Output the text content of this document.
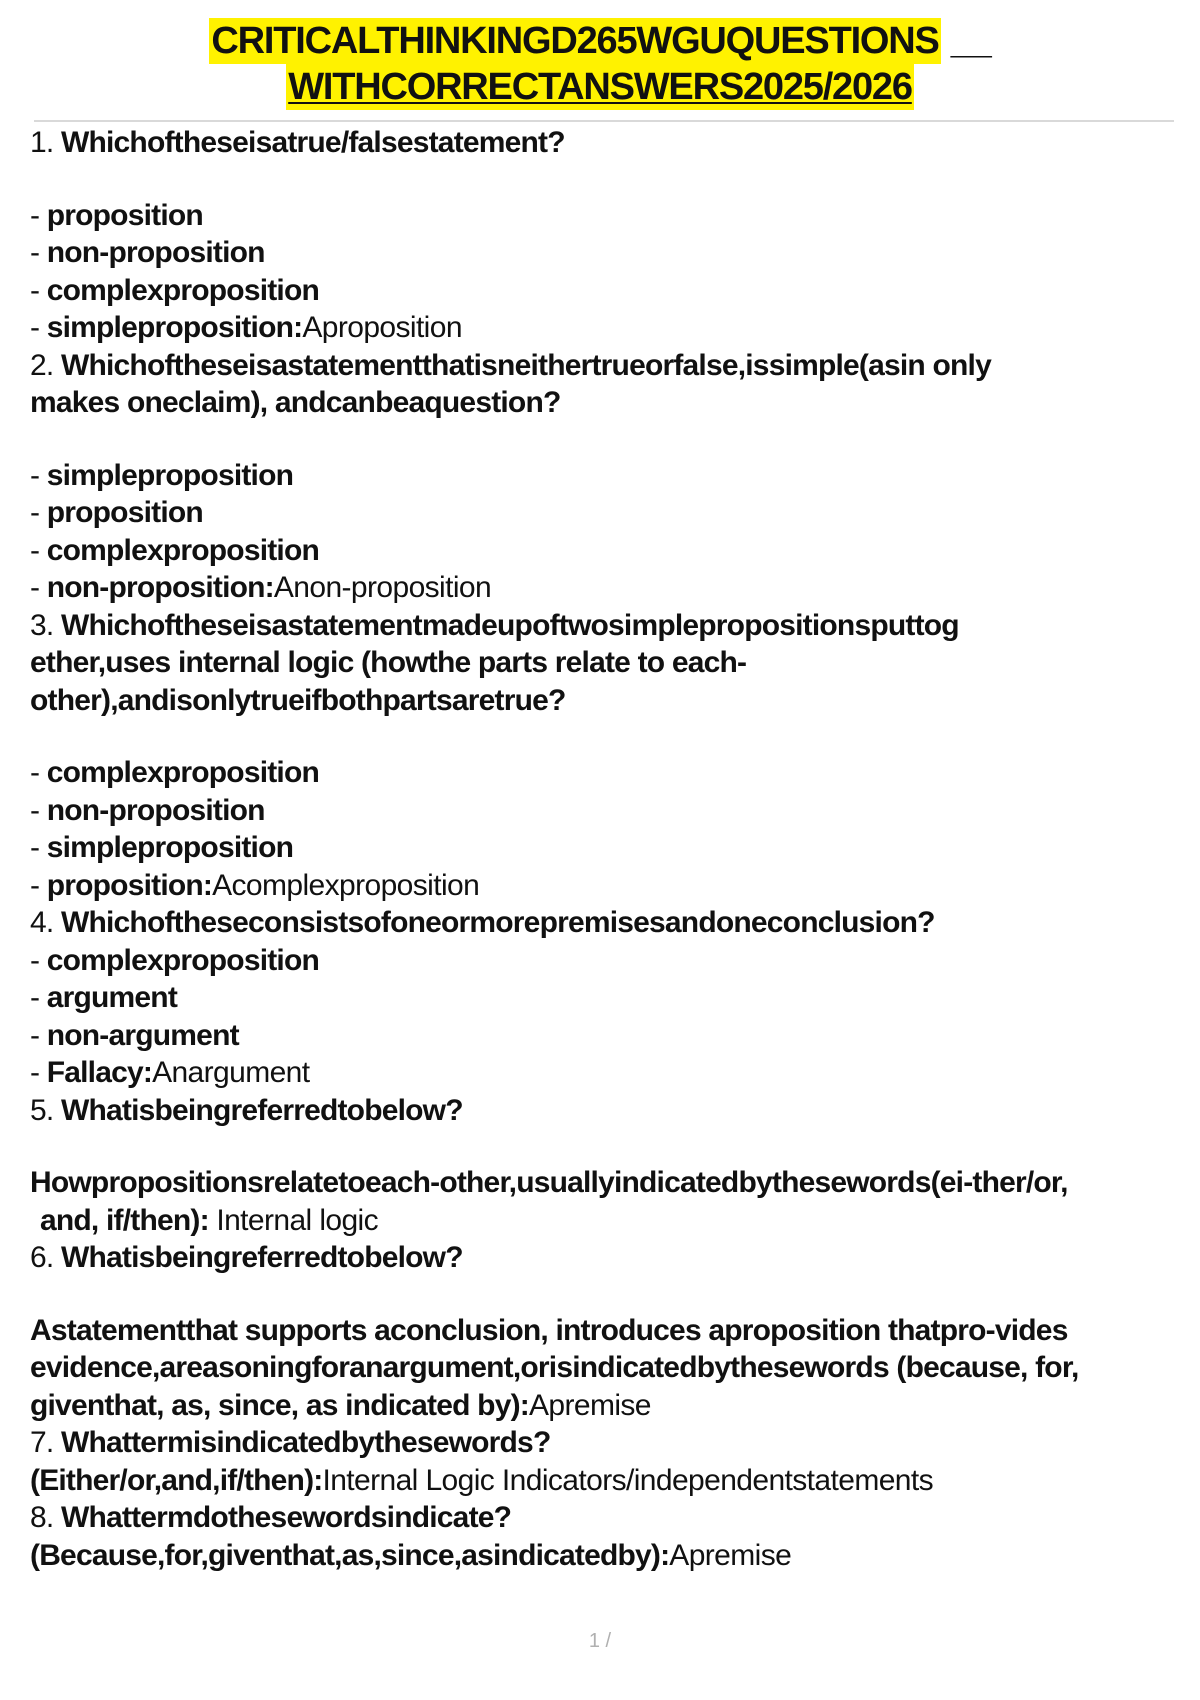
CRITICALTHINKINGD265WGUQUESTIONS __
WITHCORRECTANSWERS2025/2026
1. Whichoftheseisatrue/falsestatement?
- proposition
- non-proposition
- complexproposition
- simpleproposition:Aproposition
2. Whichoftheseisastatementthatisneithertrueorfalse,issimple(asin only
makes oneclaim), andcanbeaquestion?
- simpleproposition
- proposition
- complexproposition
- non-proposition:Anon-proposition
3. Whichoftheseisastatementmadeupoftwosimplepropositionsputtog
ether,uses internal logic (howthe parts relate to each-
other),andisonlytrueifbothpartsaretrue?
- complexproposition
- non-proposition
- simpleproposition
- proposition:Acomplexproposition
4. Whichoftheseconsistsofoneormorepremisesandoneconclusion?
- complexproposition
- argument
- non-argument
- Fallacy:Anargument
5. Whatisbeingreferredtobelow?
Howpropositionsrelatetoeach-other,usuallyindicatedbythesewords(ei-ther/or,
and, if/then): Internal logic
6. Whatisbeingreferredtobelow?
Astatementthat supports aconclusion, introduces aproposition thatpro-vides
evidence,areasoningforanargument,orisindicatedbythesewords (because, for,
giventhat, as, since, as indicated by):Apremise
7. Whattermisindicatedbythesewords?
(Either/or,and,if/then):Internal Logic Indicators/independentstatements
8. Whattermdothesewordsindicate?
(Because,for,giventhat,as,since,asindicatedby):Apremise
1 /
